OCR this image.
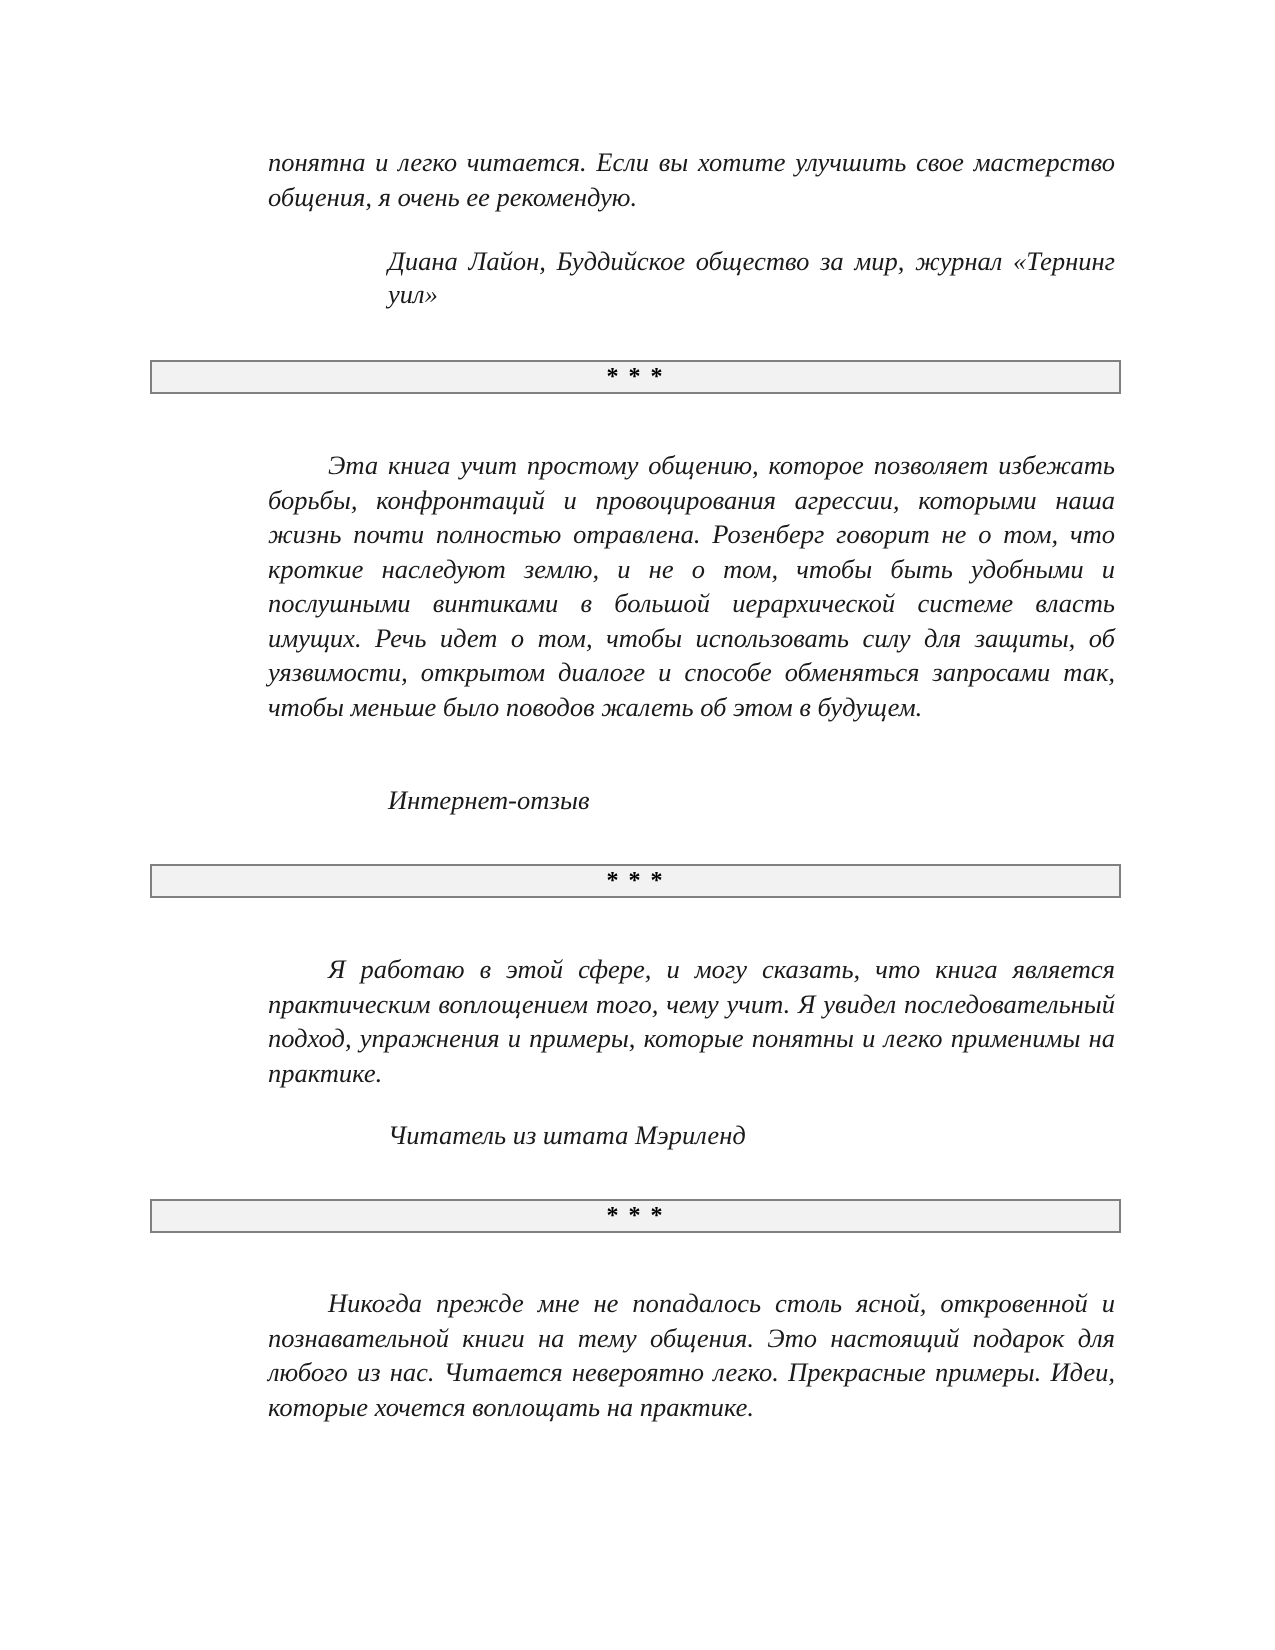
понятна и легко читается. Если вы хотите улучшить свое мастерство общения, я очень ее рекомендую.

Диана Лайон, Буддийское общество за мир, журнал «Тернинг уил»

* * *

Эта книга учит простому общению, которое позволяет избежать борьбы, конфронтаций и провоцирования агрессии, которыми наша жизнь почти полностью отравлена. Розенберг говорит не о том, что кроткие наследуют землю, и не о том, чтобы быть удобными и послушными винтиками в большой иерархической системе власть имущих. Речь идет о том, чтобы использовать силу для защиты, об уязвимости, открытом диалоге и способе обменяться запросами так, чтобы меньше было поводов жалеть об этом в будущем.

Интернет-отзыв

* * *

Я работаю в этой сфере, и могу сказать, что книга является практическим воплощением того, чему учит. Я увидел последовательный подход, упражнения и примеры, которые понятны и легко применимы на практике.

Читатель из штата Мэриленд

* * *

Никогда прежде мне не попадалось столь ясной, откровенной и познавательной книги на тему общения. Это настоящий подарок для любого из нас. Читается невероятно легко. Прекрасные примеры. Идеи, которые хочется воплощать на практике.
